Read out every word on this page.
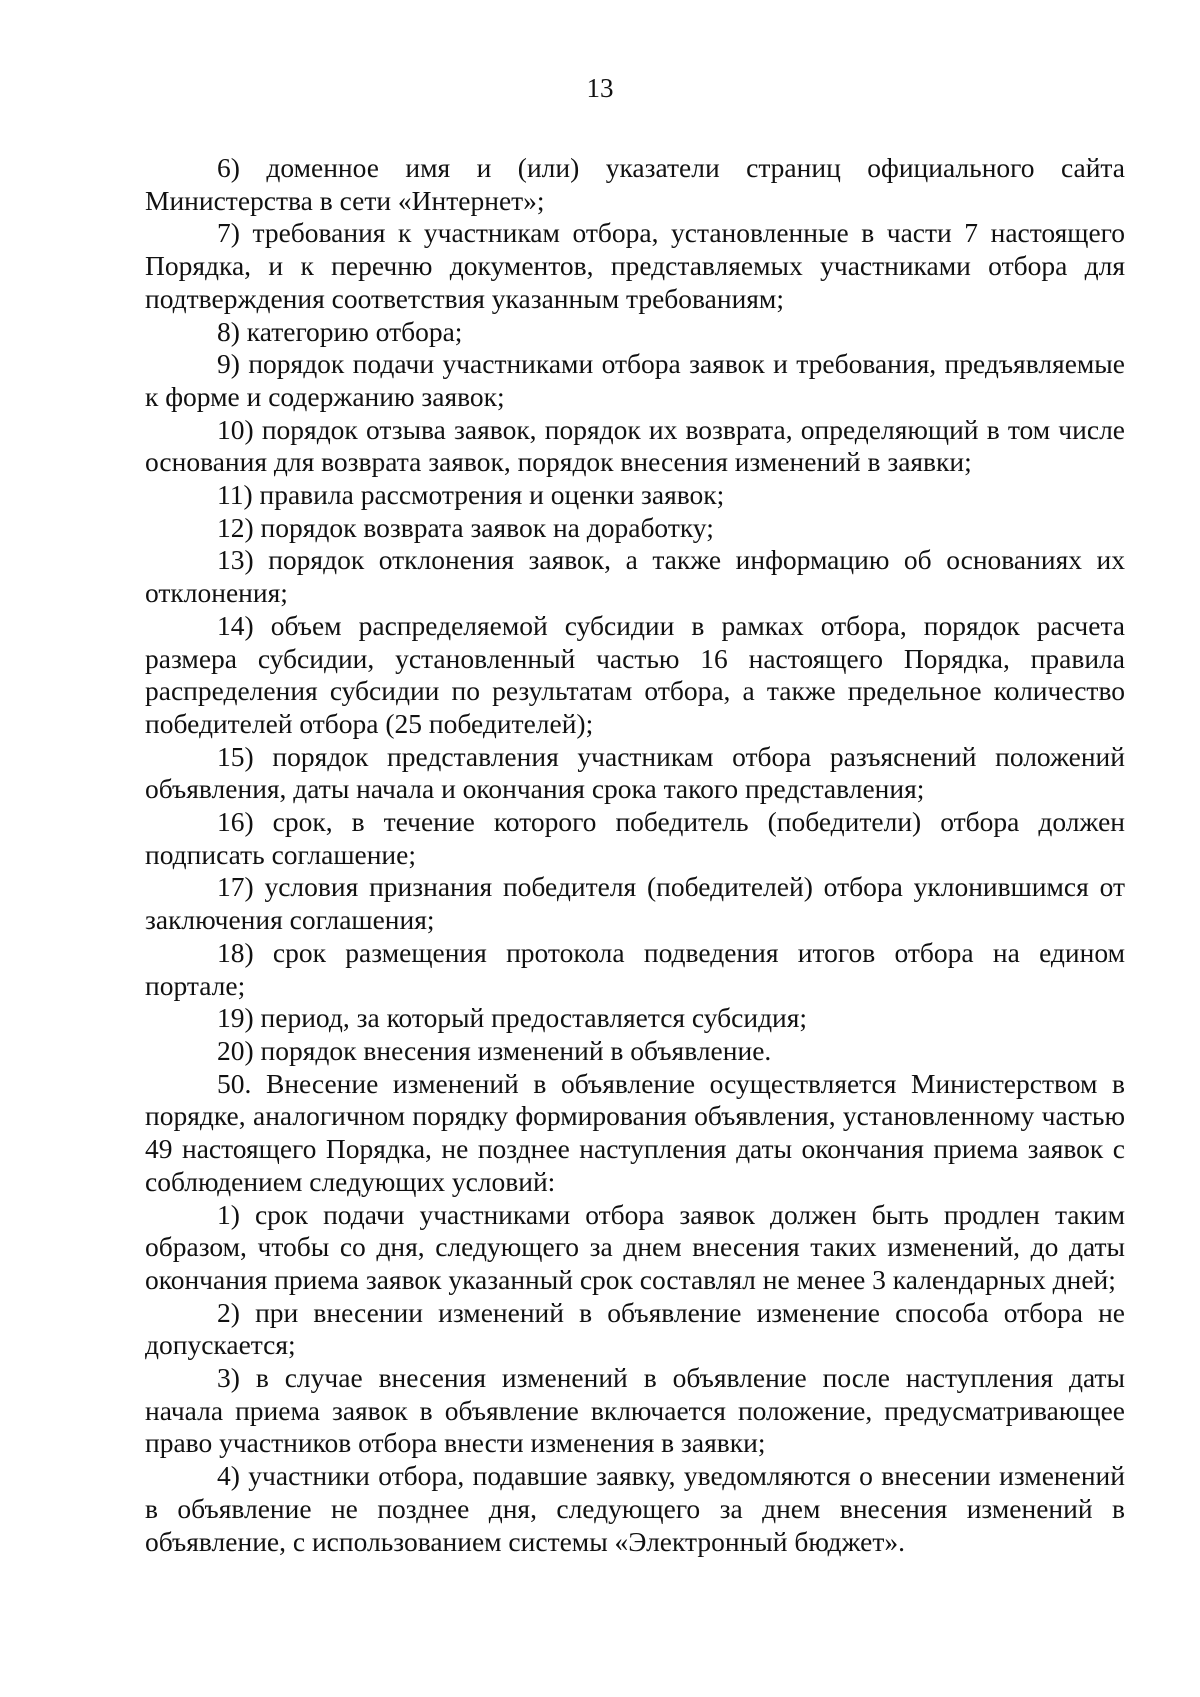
13

6) доменное имя и (или) указатели страниц официального сайта Министерства в сети «Интернет»;

7) требования к участникам отбора, установленные в части 7 настоящего Порядка, и к перечню документов, представляемых участниками отбора для подтверждения соответствия указанным требованиям;

8) категорию отбора;

9) порядок подачи участниками отбора заявок и требования, предъявляемые к форме и содержанию заявок;

10) порядок отзыва заявок, порядок их возврата, определяющий в том числе основания для возврата заявок, порядок внесения изменений в заявки;

11) правила рассмотрения и оценки заявок;

12) порядок возврата заявок на доработку;

13) порядок отклонения заявок, а также информацию об основаниях их отклонения;

14) объем распределяемой субсидии в рамках отбора, порядок расчета размера субсидии, установленный частью 16 настоящего Порядка, правила распределения субсидии по результатам отбора, а также предельное количество победителей отбора (25 победителей);

15) порядок представления участникам отбора разъяснений положений объявления, даты начала и окончания срока такого представления;

16) срок, в течение которого победитель (победители) отбора должен подписать соглашение;

17) условия признания победителя (победителей) отбора уклонившимся от заключения соглашения;

18) срок размещения протокола подведения итогов отбора на едином портале;

19) период, за который предоставляется субсидия;

20) порядок внесения изменений в объявление.

50. Внесение изменений в объявление осуществляется Министерством в порядке, аналогичном порядку формирования объявления, установленному частью 49 настоящего Порядка, не позднее наступления даты окончания приема заявок с соблюдением следующих условий:

1) срок подачи участниками отбора заявок должен быть продлен таким образом, чтобы со дня, следующего за днем внесения таких изменений, до даты окончания приема заявок указанный срок составлял не менее 3 календарных дней;

2) при внесении изменений в объявление изменение способа отбора не допускается;

3) в случае внесения изменений в объявление после наступления даты начала приема заявок в объявление включается положение, предусматривающее право участников отбора внести изменения в заявки;

4) участники отбора, подавшие заявку, уведомляются о внесении изменений в объявление не позднее дня, следующего за днем внесения изменений в объявление, с использованием системы «Электронный бюджет».
